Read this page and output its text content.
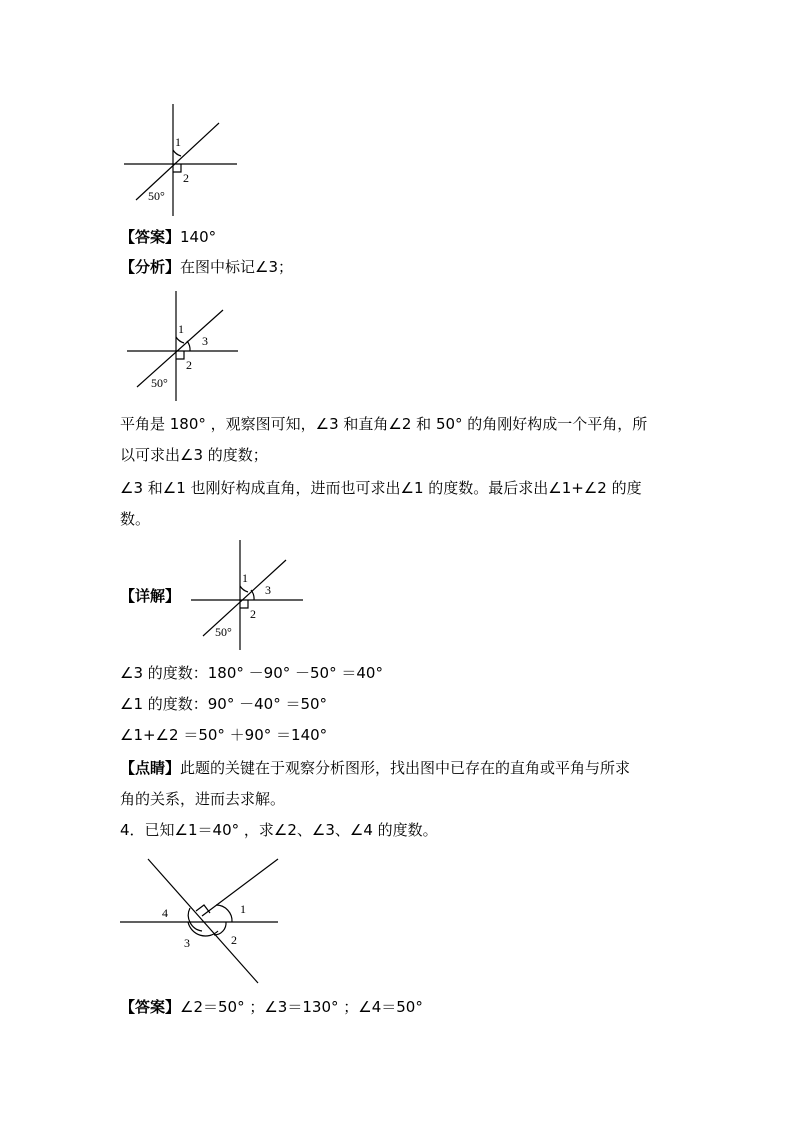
1
2
50°
【答案】140°
【分析】在图中标记∠3；
1
3
2
50°
平角是 180° ，观察图可知，∠3 和直角∠2 和 50° 的角刚好构成一个平角，所
以可求出∠3 的度数；
∠3 和∠1 也刚好构成直角，进而也可求出∠1 的度数。最后求出∠1+∠2 的度
数。
【详解】
1
3
2
50°
∠3 的度数：180° －90° －50° ＝40°
∠1 的度数：90° －40° ＝50°
∠1+∠2 ＝50° ＋90° ＝140°
【点睛】此题的关键在于观察分析图形，找出图中已存在的直角或平角与所求
角的关系，进而去求解。
4．已知∠1＝40° ，求∠2、∠3、∠4 的度数。
4	1
3	2
【答案】∠2＝50° ；∠3＝130° ；∠4＝50°
